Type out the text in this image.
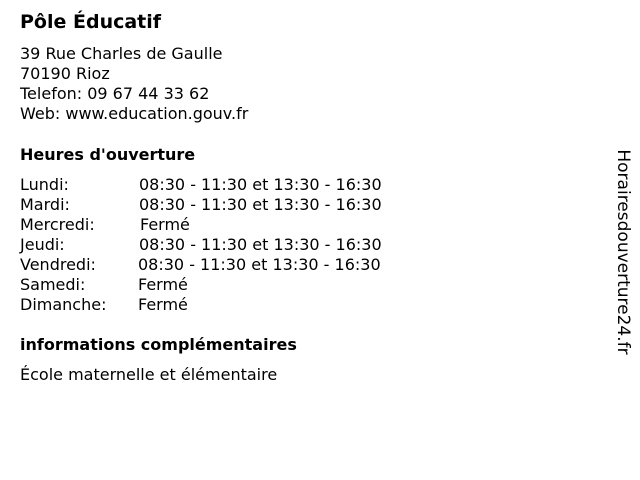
Pôle Éducatif
39 Rue Charles de Gaulle
70190 Rioz
Telefon: 09 67 44 33 62
Web: www.education.gouv.fr
Heures d'ouverture
Lundi:	08:30 - 11:30 et 13:30 - 16:30
Mardi:	08:30 - 11:30 et 13:30 - 16:30
Mercredi:	Fermé
Jeudi:	08:30 - 11:30 et 13:30 - 16:30
Vendredi:	08:30 - 11:30 et 13:30 - 16:30
Samedi:	Fermé
Dimanche:	Fermé
informations complémentaires
École maternelle et élémentaire
Horairesdouverture24.fr
